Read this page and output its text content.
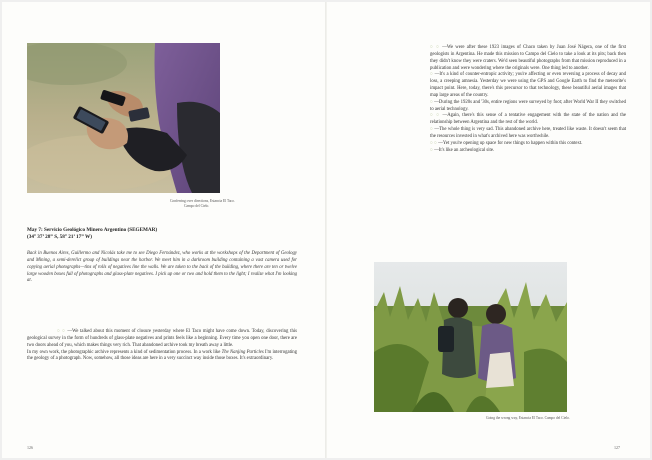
Conferring over directions, Estancia El Taco.
Campo del Cielo.
May 7: Servicio Geológico Minero Argentino (SEGEMAR)
(34° 37’ 28” S, 58° 21’ 17” W)

Back in Buenos Aires, Guillermo and Nicolás take me to see Diego Fernández, who works at the workshops of the Department of Geology and Mining, a semi-derelict group of buildings near the harbor. We meet him in a darkroom building containing a vast camera used for copying aerial photographs—tins of rolls of negatives line the walls. We are taken to the back of the building, where there are ten or twelve large wooden boxes full of photographs and glass-plate negatives. I pick up one or two and hold them to the light; I realize what I'm looking at.

○ ○ —We talked about this moment of closure yesterday where El Taco might have come down. Today, discovering this geological survey in the form of hundreds of glass-plate negatives and prints feels like a beginning. Every time you open one door, there are two doors ahead of you, which makes things very rich. That abandoned archive took my breath away a little.

In my own work, the photographic archive represents a kind of sedimentation process. In a work like The Nanjing Particles I'm interrogating the geology of a photograph. Now, somehow, all those ideas are here in a very succinct way inside those boxes. It's extraordinary.

126

○ ○ —We were after these 1923 images of Chaco taken by Juan José Nágera, one of the first geologists in Argentina. He made this mission to Campo del Cielo to take a look at its pits; back then they didn't know they were craters. We'd seen beautiful photographs from that mission reproduced in a publication and were wondering where the originals were. One thing led to another.

○ —It's a kind of counter-entropic activity; you're affecting or even reversing a process of decay and loss, a creeping amnesia. Yesterday we were using the GPS and Google Earth to find the meteorite's impact point. Here, today, there's this precursor to that technology, these beautiful aerial images that map large areas of the country.

○ —During the 1920s and '30s, entire regions were surveyed by foot; after World War II they switched to aerial technology.

○ ○ —Again, there's this sense of a tentative engagement with the state of the nation and the relationship between Argentina and the rest of the world.

○ —The whole thing is very sad. This abandoned archive here, treated like waste. It doesn't seem that the resources invested in what's archived here was worthwhile.

○ ○ —Yet you're opening up space for new things to happen within this context.

○ —It's like an archeological site.

Going the wrong way, Estancia El Taco. Campo del Cielo.
127
